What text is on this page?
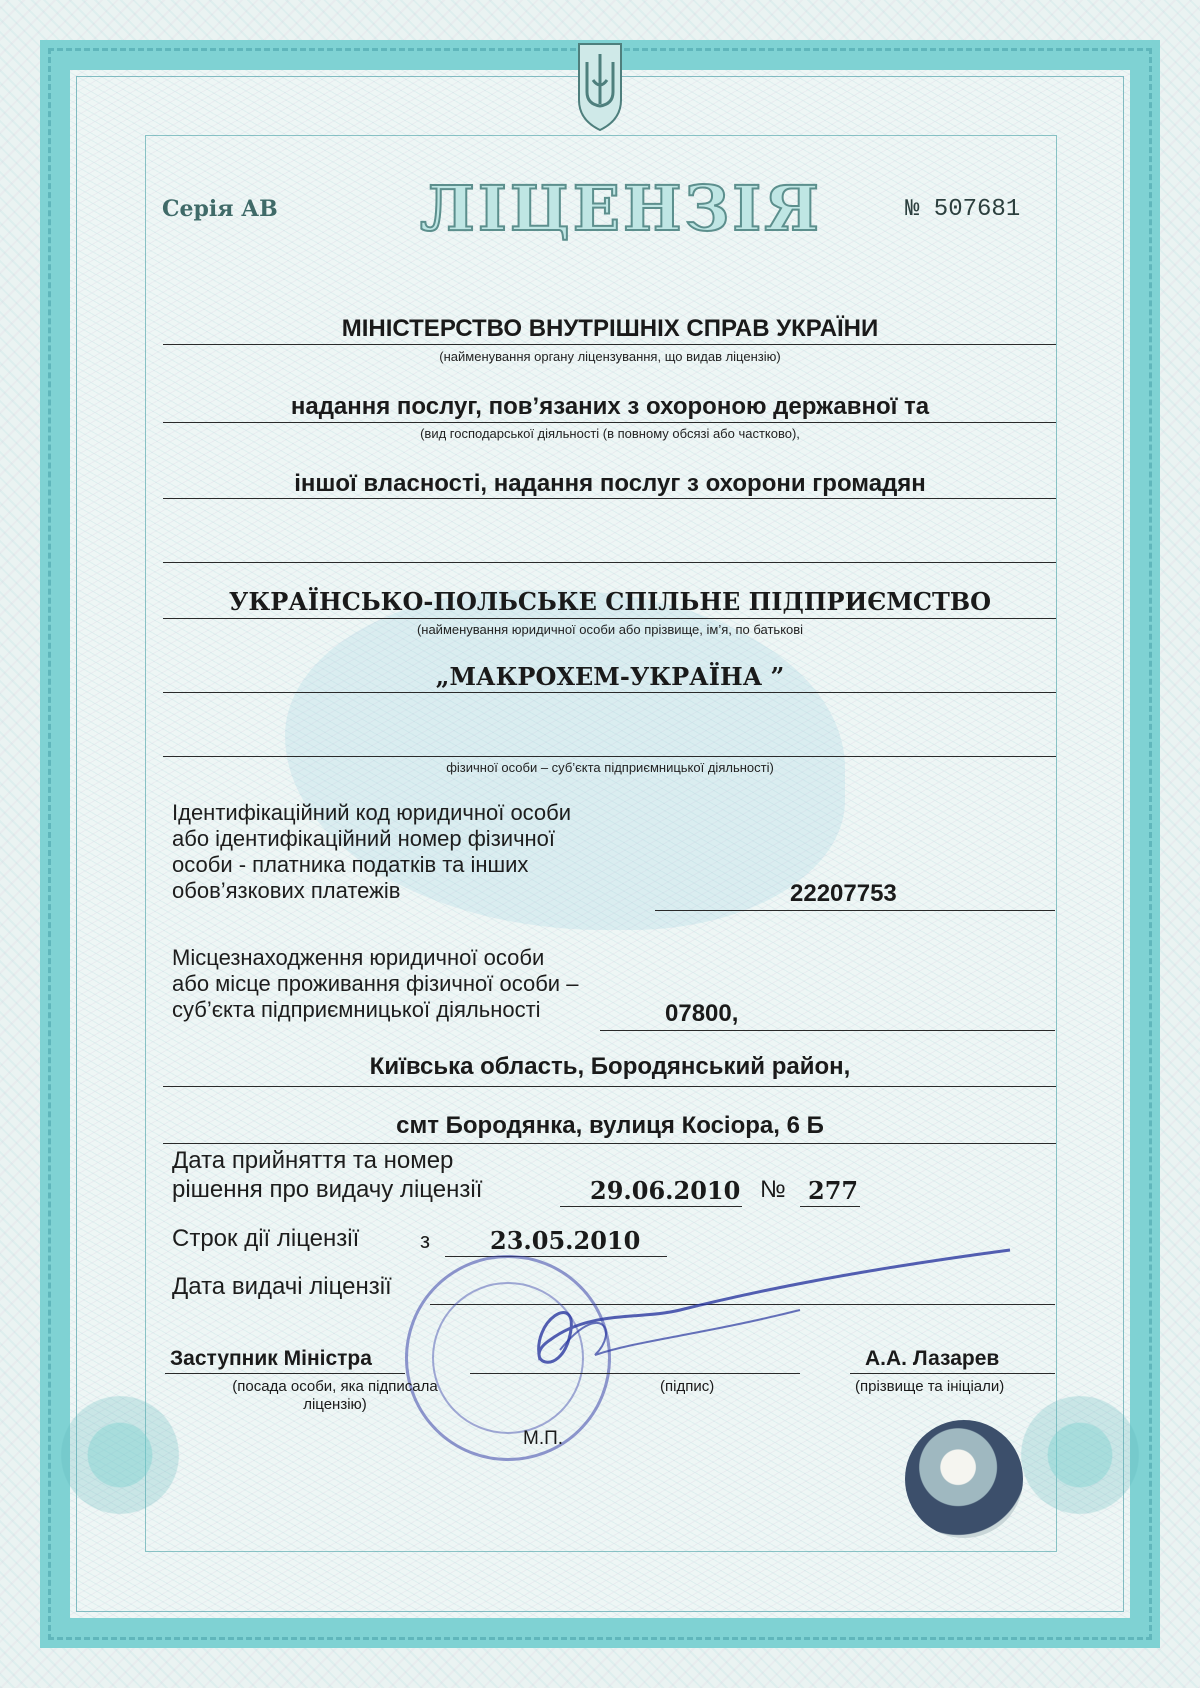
Серія АВ ЛІЦЕНЗІЯ	№ 507681
МІНІСТЕРСТВО ВНУТРІШНІХ СПРАВ УКРАЇНИ
(найменування органу ліцензування, що видав ліцензію)
надання послуг, пов’язаних з охороною державної та
(вид господарської діяльності (в повному обсязі або частково),
іншої власності, надання послуг з охорони громадян
УКРАЇНСЬКО-ПОЛЬСЬКЕ СПІЛЬНЕ ПІДПРИЄМСТВО
(найменування юридичної особи або прізвище, ім’я, по батькові
„МАКРОХЕМ-УКРАЇНА ”
фізичної особи – суб’єкта підприємницької діяльності)
Ідентифікаційний код юридичної особи
або ідентифікаційний номер фізичної
особи - платника податків та інших
обов’язкових платежів	22207753
Місцезнаходження юридичної особи
або місце проживання фізичної особи –
суб’єкта підприємницької діяльності	07800,
Київська область, Бородянський район,
смт Бородянка, вулиця Косіора, 6 Б
Дата прийняття та номер
рішення про видачу ліцензії	29.06.2010 № 277
Строк дії ліцензії	з 23.05.2010
Дата видачі ліцензії
Заступник Міністра
(посада особи, яка підписала ліцензію)
(підпис)
А.А. Лазарев
(прізвище та ініціали)
М.П.
